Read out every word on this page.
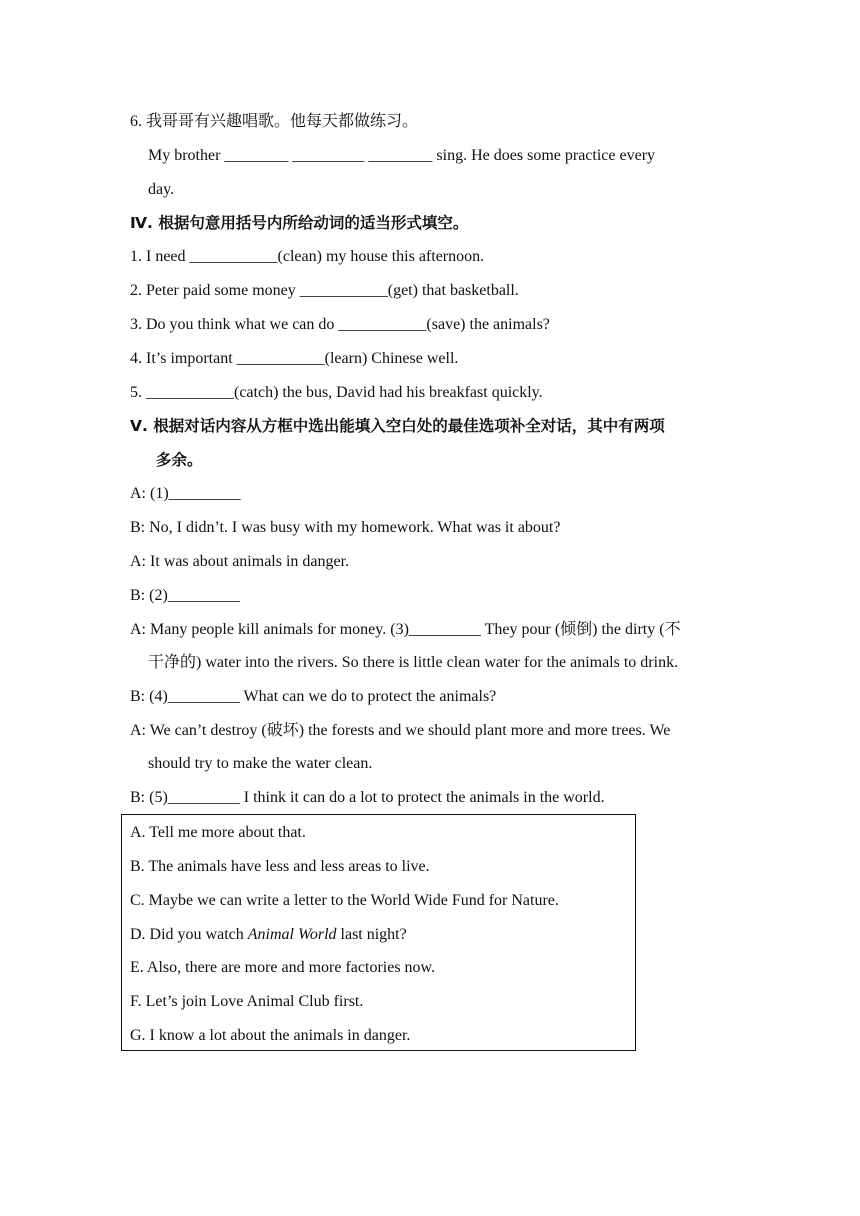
6. 我哥哥有兴趣唱歌。他每天都做练习。
My brother ________ _________ ________ sing. He does some practice every
day.
Ⅳ. 根据句意用括号内所给动词的适当形式填空。
1. I need ___________(clean) my house this afternoon.
2. Peter paid some money ___________(get) that basketball.
3. Do you think what we can do ___________(save) the animals?
4. It’s important ___________(learn) Chinese well.
5. ___________(catch) the bus, David had his breakfast quickly.
Ⅴ. 根据对话内容从方框中选出能填入空白处的最佳选项补全对话，其中有两项
多余。
A: (1)_________
B: No, I didn’t. I was busy with my homework. What was it about?
A: It was about animals in danger.
B: (2)_________
A: Many people kill animals for money. (3)_________ They pour (倾倒) the dirty (不
干净的) water into the rivers. So there is little clean water for the animals to drink.
B: (4)_________ What can we do to protect the animals?
A: We can’t destroy (破坏) the forests and we should plant more and more trees. We
should try to make the water clean.
B: (5)_________ I think it can do a lot to protect the animals in the world.
A. Tell me more about that.
B. The animals have less and less areas to live.
C. Maybe we can write a letter to the World Wide Fund for Nature.
D. Did you watch Animal World last night?
E. Also, there are more and more factories now.
F. Let’s join Love Animal Club first.
G. I know a lot about the animals in danger.
